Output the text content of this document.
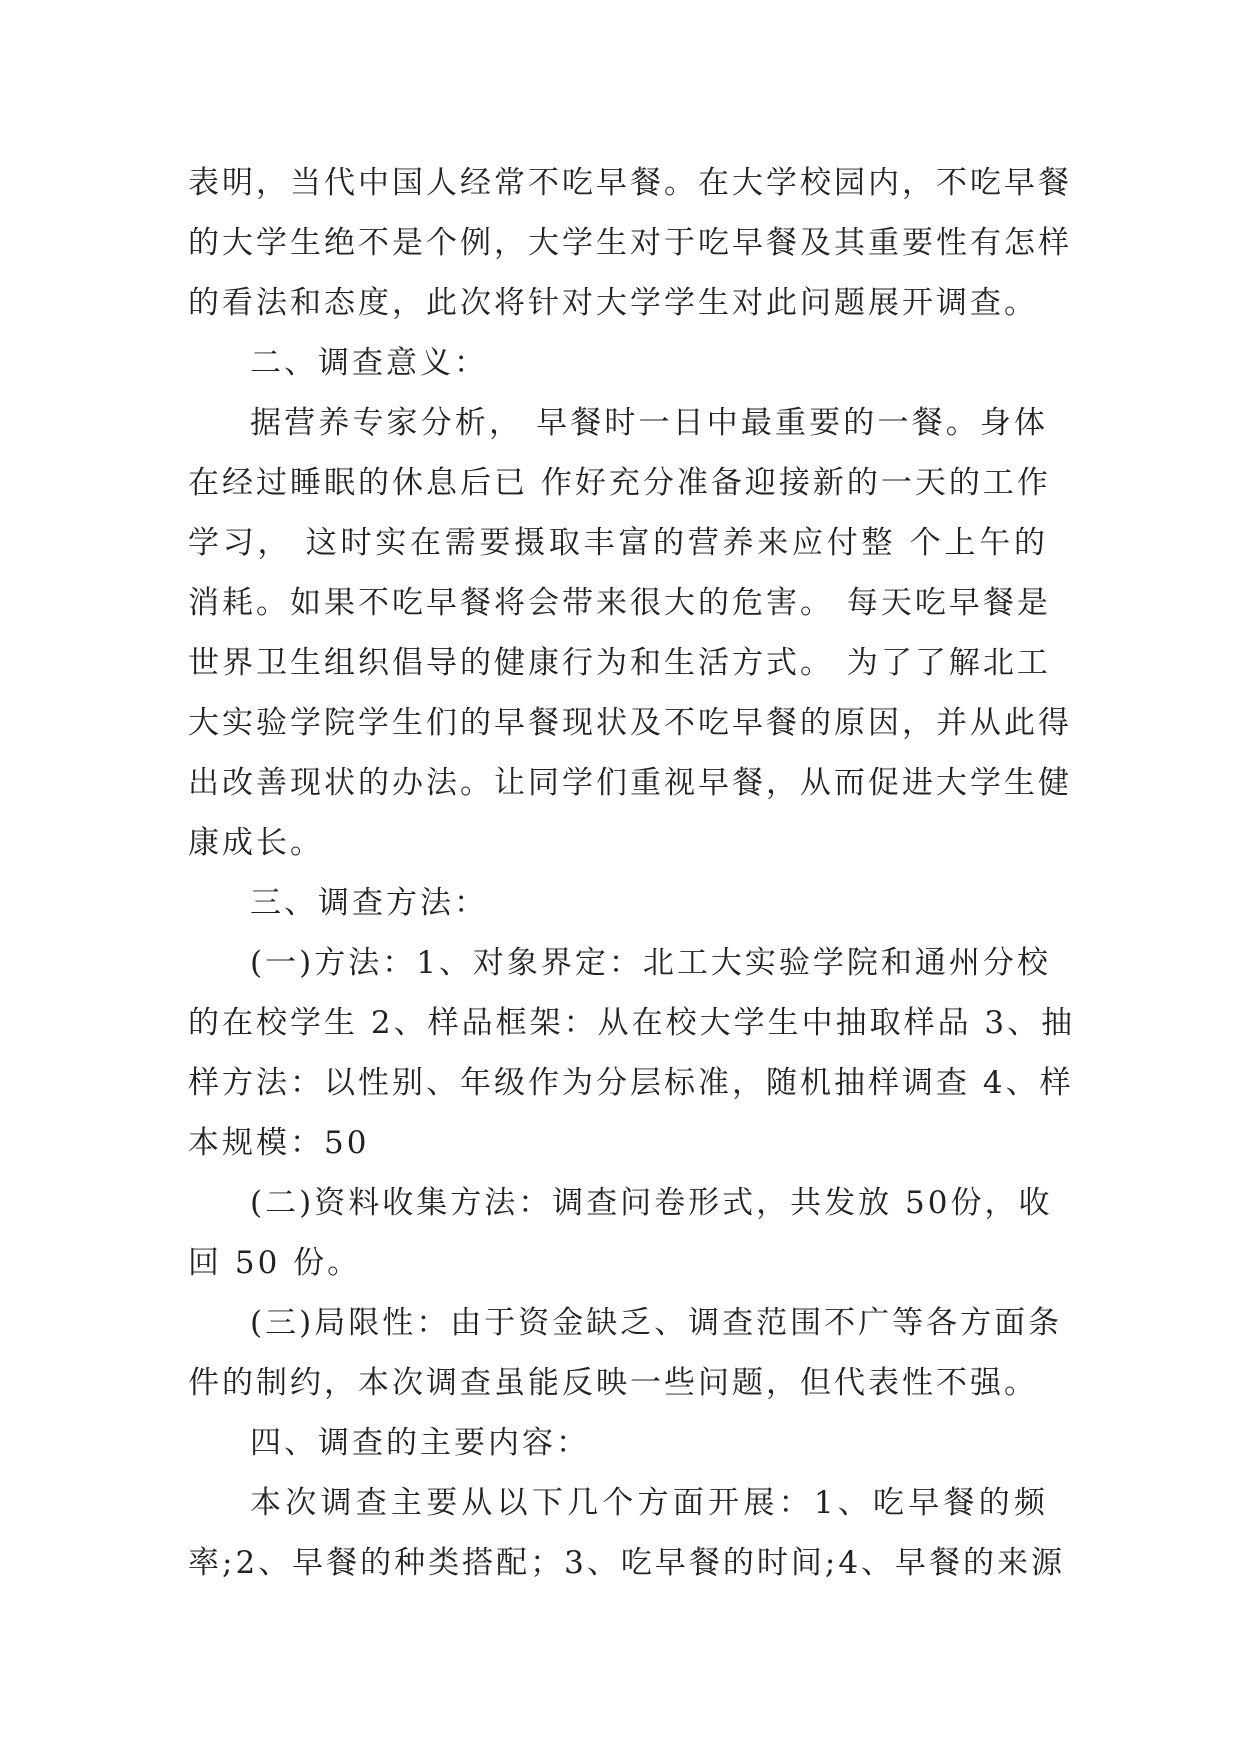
表明，当代中国人经常不吃早餐。在大学校园内，不吃早餐
的大学生绝不是个例，大学生对于吃早餐及其重要性有怎样
的看法和态度，此次将针对大学学生对此问题展开调查。
二、调查意义：
据营养专家分析， 早餐时一日中最重要的一餐。身体
在经过睡眠的休息后已 作好充分准备迎接新的一天的工作
学习， 这时实在需要摄取丰富的营养来应付整 个上午的
消耗。如果不吃早餐将会带来很大的危害。 每天吃早餐是
世界卫生组织倡导的健康行为和生活方式。 为了了解北工
大实验学院学生们的早餐现状及不吃早餐的原因，并从此得
出改善现状的办法。让同学们重视早餐，从而促进大学生健
康成长。
三、调查方法：
(一)方法：1、对象界定：北工大实验学院和通州分校
的在校学生 2、样品框架：从在校大学生中抽取样品 3、抽
样方法：以性别、年级作为分层标准，随机抽样调查 4、样
本规模：50
(二)资料收集方法：调查问卷形式，共发放 50份，收
回 50 份。
(三)局限性：由于资金缺乏、调查范围不广等各方面条
件的制约，本次调查虽能反映一些问题，但代表性不强。
四、调查的主要内容：
本次调查主要从以下几个方面开展：1、吃早餐的频
率;2、早餐的种类搭配；3、吃早餐的时间;4、早餐的来源
